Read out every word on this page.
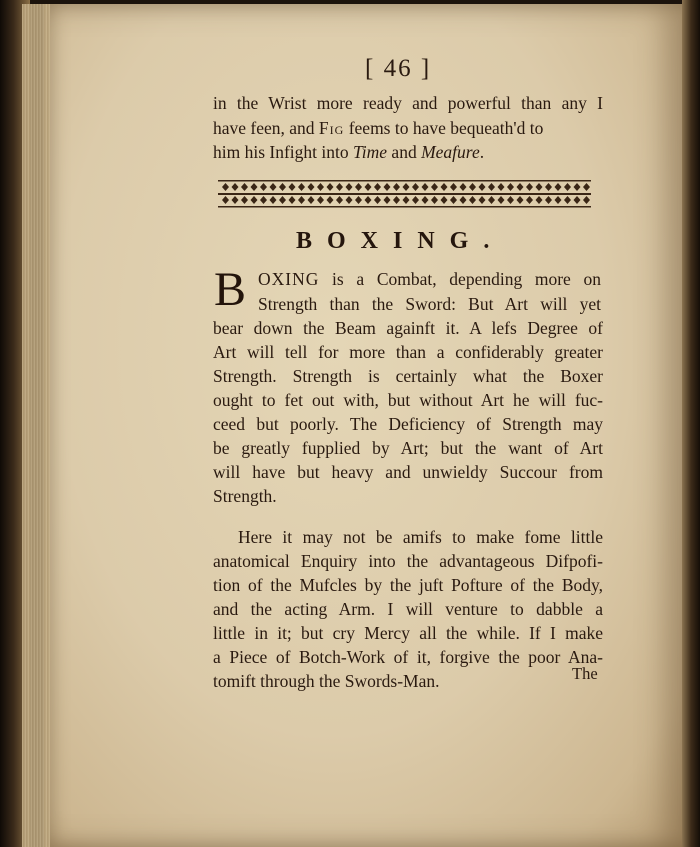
[ 46 ]
in the Wrist more ready and powerful than any I
have feen, and Fig feems to have bequeath'd to
him his Infight into Time and Meafure.
BOXING.
B OXING is a Combat, depending more on
Strength than the Sword: But Art will yet
bear down the Beam againft it. A lefs Degree of
Art will tell for more than a confiderably greater
Strength. Strength is certainly what the Boxer
ought to fet out with, but without Art he will fuc-
ceed but poorly. The Deficiency of Strength may
be greatly fupplied by Art; but the want of Art
will have but heavy and unwieldy Succour from
Strength.
Here it may not be amifs to make fome little
anatomical Enquiry into the advantageous Difpofi-
tion of the Mufcles by the juft Pofture of the Body,
and the acting Arm. I will venture to dabble a
little in it; but cry Mercy all the while. If I make
a Piece of Botch-Work of it, forgive the poor Ana-
tomift through the Swords-Man.	The
